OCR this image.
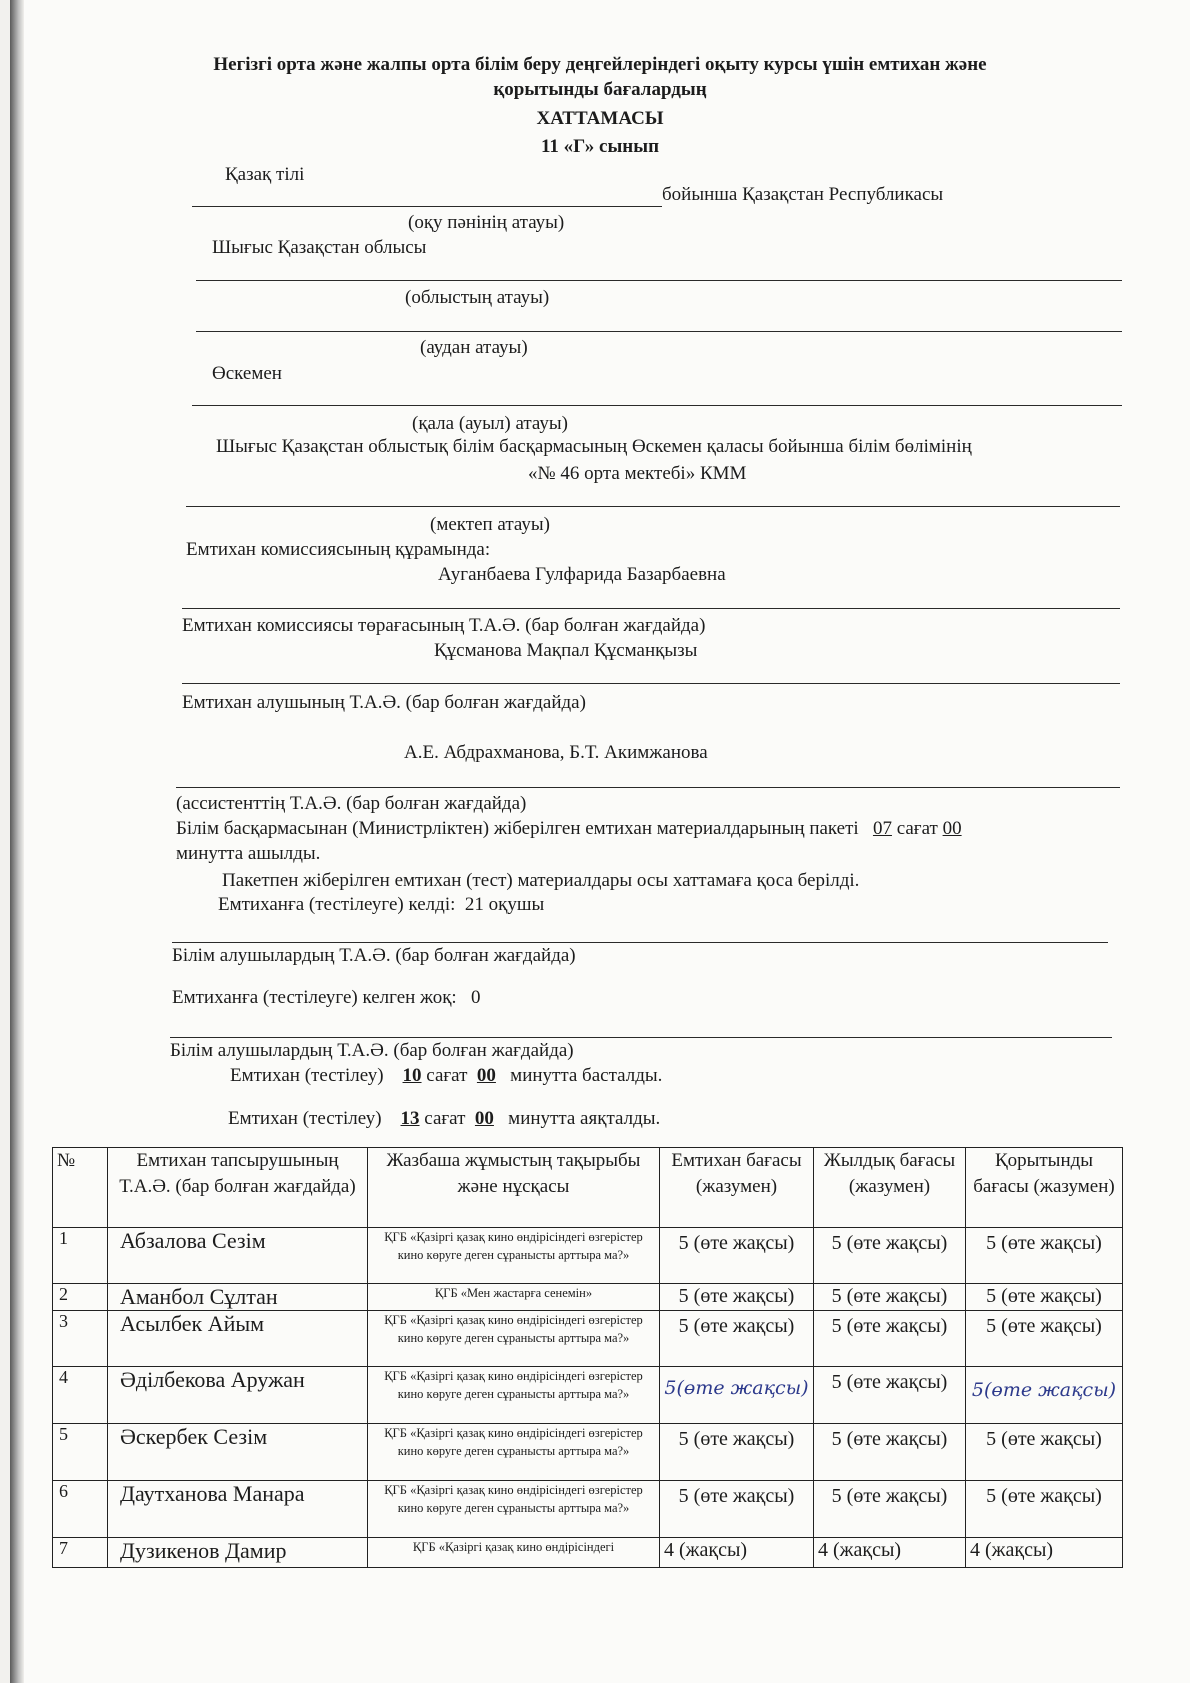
Негізгі орта және жалпы орта білім беру деңгейлеріндегі оқыту курсы үшін емтихан және
қорытынды бағалардың
ХАТТАМАСЫ
11 «Г» сынып
Қазақ тілі
бойынша Қазақстан Республикасы
(оқу пәнінің атауы)
Шығыс Қазақстан облысы
(облыстың атауы)
(аудан атауы)
Өскемен
(қала (ауыл) атауы)
Шығыс Қазақстан облыстық білім басқармасының Өскемен қаласы бойынша білім бөлімінің
«№ 46 орта мектебі» КММ
(мектеп атауы)
Емтихан комиссиясының құрамында:
Ауганбаева Гулфарида Базарбаевна
Емтихан комиссиясы төрағасының Т.А.Ә. (бар болған жағдайда)
Құсманова Мақпал Құсманқызы
Емтихан алушының Т.А.Ә. (бар болған жағдайда)
А.Е. Абдрахманова, Б.Т. Акимжанова
(ассистенттің Т.А.Ә. (бар болған жағдайда)
Білім басқармасынан (Министрліктен) жіберілген емтихан материалдарының пакеті 07 сағат 00
минутта ашылды.
Пакетпен жіберілген емтихан (тест) материалдары осы хаттамаға қоса берілді.
Емтиханға (тестілеуге) келді: 21 оқушы
Білім алушылардың Т.А.Ә. (бар болған жағдайда)
Емтиханға (тестілеуге) келген жоқ: 0
Білім алушылардың Т.А.Ә. (бар болған жағдайда)
Емтихан (тестілеу) 10 сағат 00 минутта басталды.
Емтихан (тестілеу) 13 сағат 00 минутта аяқталды.
№	Емтихан тапсырушының Т.А.Ә. (бар болған жағдайда)	Жазбаша жұмыстың тақырыбы және нұсқасы	Емтихан бағасы (жазумен)	Жылдық бағасы (жазумен)	Қорытынды бағасы (жазумен)
1	Абзалова Сезім	ҚГБ «Қазіргі қазақ кино өндірісіндегі өзгерістер кино көруге деген сұранысты арттыра ма?»	5 (өте жақсы)	5 (өте жақсы)	5 (өте жақсы)
2	Аманбол Сұлтан	ҚГБ «Мен жастарға сенемін»	5 (өте жақсы)	5 (өте жақсы)	5 (өте жақсы)
3	Асылбек Айым	ҚГБ «Қазіргі қазақ кино өндірісіндегі өзгерістер кино көруге деген сұранысты арттыра ма?»	5 (өте жақсы)	5 (өте жақсы)	5 (өте жақсы)
4	Әділбекова Аружан	ҚГБ «Қазіргі қазақ кино өндірісіндегі өзгерістер кино көруге деген сұранысты арттыра ма?»	5(өте жақсы)	5 (өте жақсы)	5(өте жақсы)
5	Әскербек Сезім	ҚГБ «Қазіргі қазақ кино өндірісіндегі өзгерістер кино көруге деген сұранысты арттыра ма?»	5 (өте жақсы)	5 (өте жақсы)	5 (өте жақсы)
6	Даутханова Манара	ҚГБ «Қазіргі қазақ кино өндірісіндегі өзгерістер кино көруге деген сұранысты арттыра ма?»	5 (өте жақсы)	5 (өте жақсы)	5 (өте жақсы)
7	Дузикенов Дамир	ҚГБ «Қазіргі қазақ кино өндірісіндегі	4 (жақсы)	4 (жақсы)	4 (жақсы)
